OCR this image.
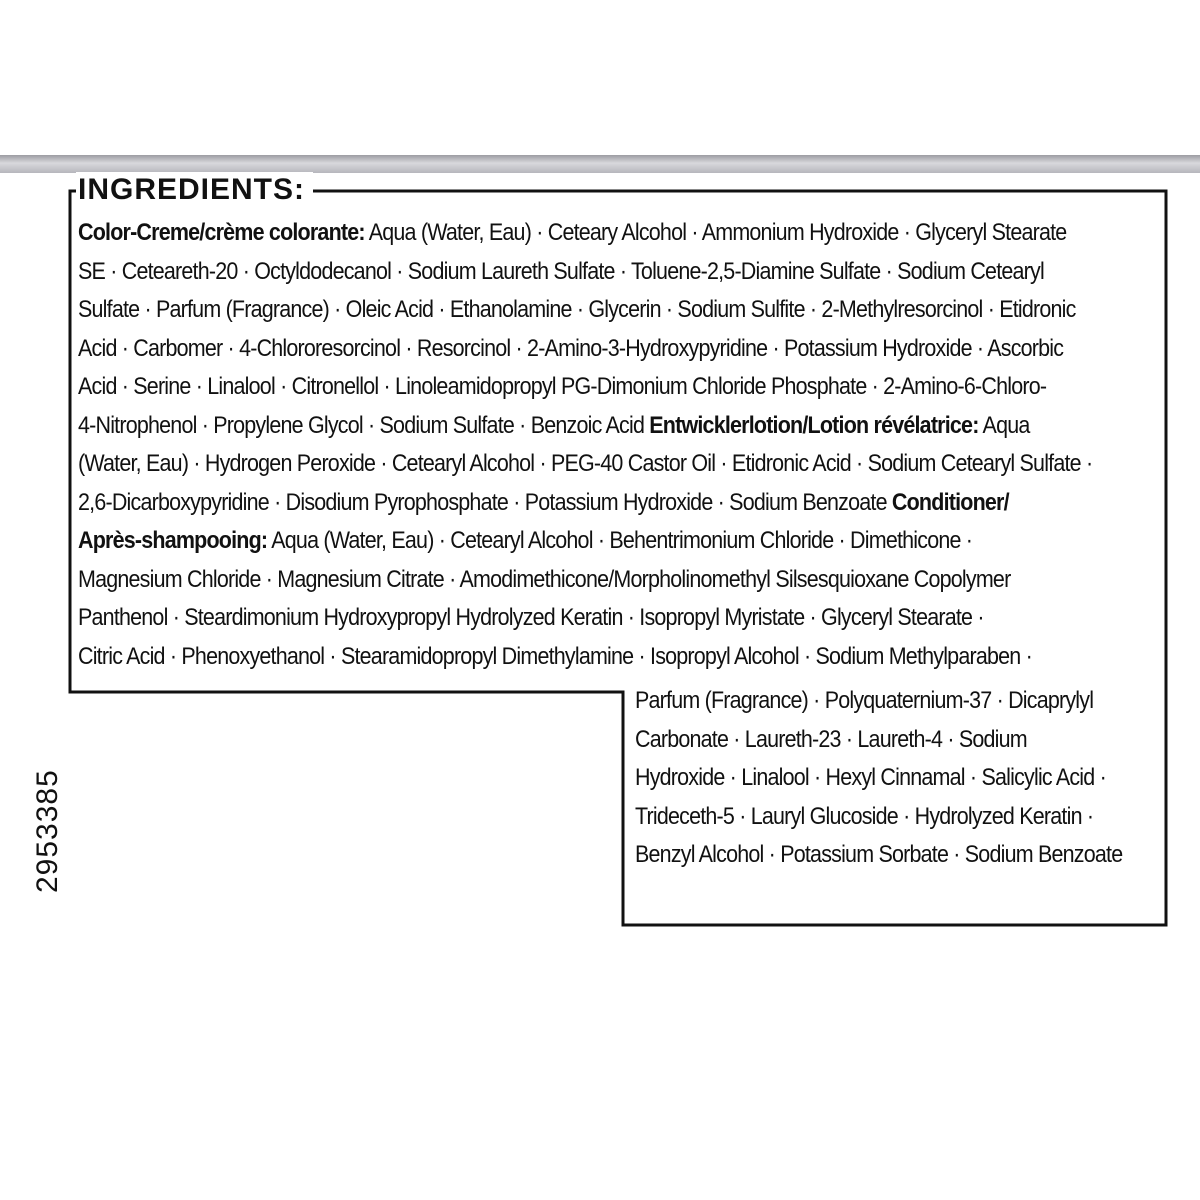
INGREDIENTS:
Color-Creme/crème colorante: Aqua (Water, Eau) · Ceteary Alcohol · Ammonium Hydroxide · Glyceryl Stearate
SE · Ceteareth-20 · Octyldodecanol · Sodium Laureth Sulfate · Toluene-2,5-Diamine Sulfate · Sodium Cetearyl
Sulfate · Parfum (Fragrance) · Oleic Acid · Ethanolamine · Glycerin · Sodium Sulfite · 2-Methylresorcinol · Etidronic
Acid · Carbomer · 4-Chlororesorcinol · Resorcinol · 2-Amino-3-Hydroxypyridine · Potassium Hydroxide · Ascorbic
Acid · Serine · Linalool · Citronellol · Linoleamidopropyl PG-Dimonium Chloride Phosphate · 2-Amino-6-Chloro-
4-Nitrophenol · Propylene Glycol · Sodium Sulfate · Benzoic Acid Entwicklerlotion/Lotion révélatrice: Aqua
(Water, Eau) · Hydrogen Peroxide · Cetearyl Alcohol · PEG-40 Castor Oil · Etidronic Acid · Sodium Cetearyl Sulfate ·
2,6-Dicarboxypyridine · Disodium Pyrophosphate · Potassium Hydroxide · Sodium Benzoate Conditioner/
Après-shampooing: Aqua (Water, Eau) · Cetearyl Alcohol · Behentrimonium Chloride · Dimethicone ·
Magnesium Chloride · Magnesium Citrate · Amodimethicone/Morpholinomethyl Silsesquioxane Copolymer
Panthenol · Steardimonium Hydroxypropyl Hydrolyzed Keratin · Isopropyl Myristate · Glyceryl Stearate ·
Citric Acid · Phenoxyethanol · Stearamidopropyl Dimethylamine · Isopropyl Alcohol · Sodium Methylparaben ·
Parfum (Fragrance) · Polyquaternium-37 · Dicaprylyl
Carbonate · Laureth-23 · Laureth-4 · Sodium
Hydroxide · Linalool · Hexyl Cinnamal · Salicylic Acid ·
Trideceth-5 · Lauryl Glucoside · Hydrolyzed Keratin ·
Benzyl Alcohol · Potassium Sorbate · Sodium Benzoate
2953385
